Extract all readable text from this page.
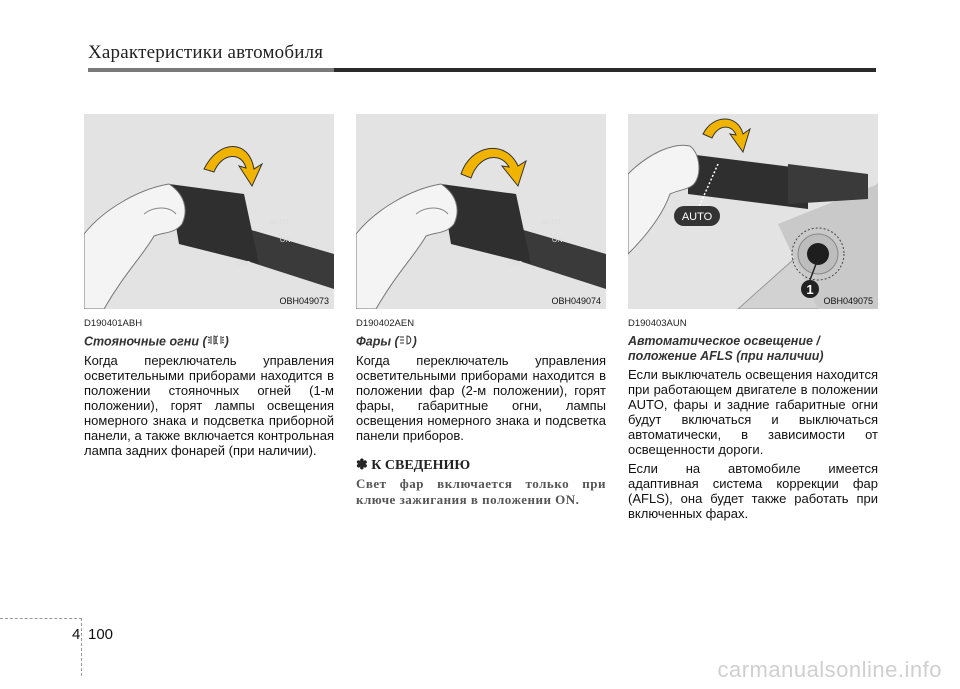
Характеристики автомобиля
AUTO
ON
OFF
OBH049073
AUTO
ON
OFF
OBH049074
AUTO
1
OBH049075
D190401ABH
Стояночные огни ( )

Когда переключатель управления осветительными приборами находится в положении стояночных огней (1-м положении), горят лампы освещения номерного знака и подсветка приборной панели, а также включается контрольная лампа задних фонарей (при наличии).

D190402AEN
Фары ( )

Когда переключатель управления осветительными приборами находится в положении фар (2-м положении), горят фары, габаритные огни, лампы освещения номерного знака и подсветка панели приборов.

✽ К СВЕДЕНИЮ

Свет фар включается только при ключе зажигания в положении ON.

D190403AUN
Автоматическое освещение / положение AFLS (при наличии)

Если выключатель освещения находится при работающем двигателе в положении AUTO, фары и задние габаритные огни будут включаться и выключаться автоматически, в зависимости от освещенности дороги.

Если на автомобиле имеется адаптивная система коррекции фар (AFLS), она будет также работать при включенных фарах.

4 100
carmanualsonline.info
